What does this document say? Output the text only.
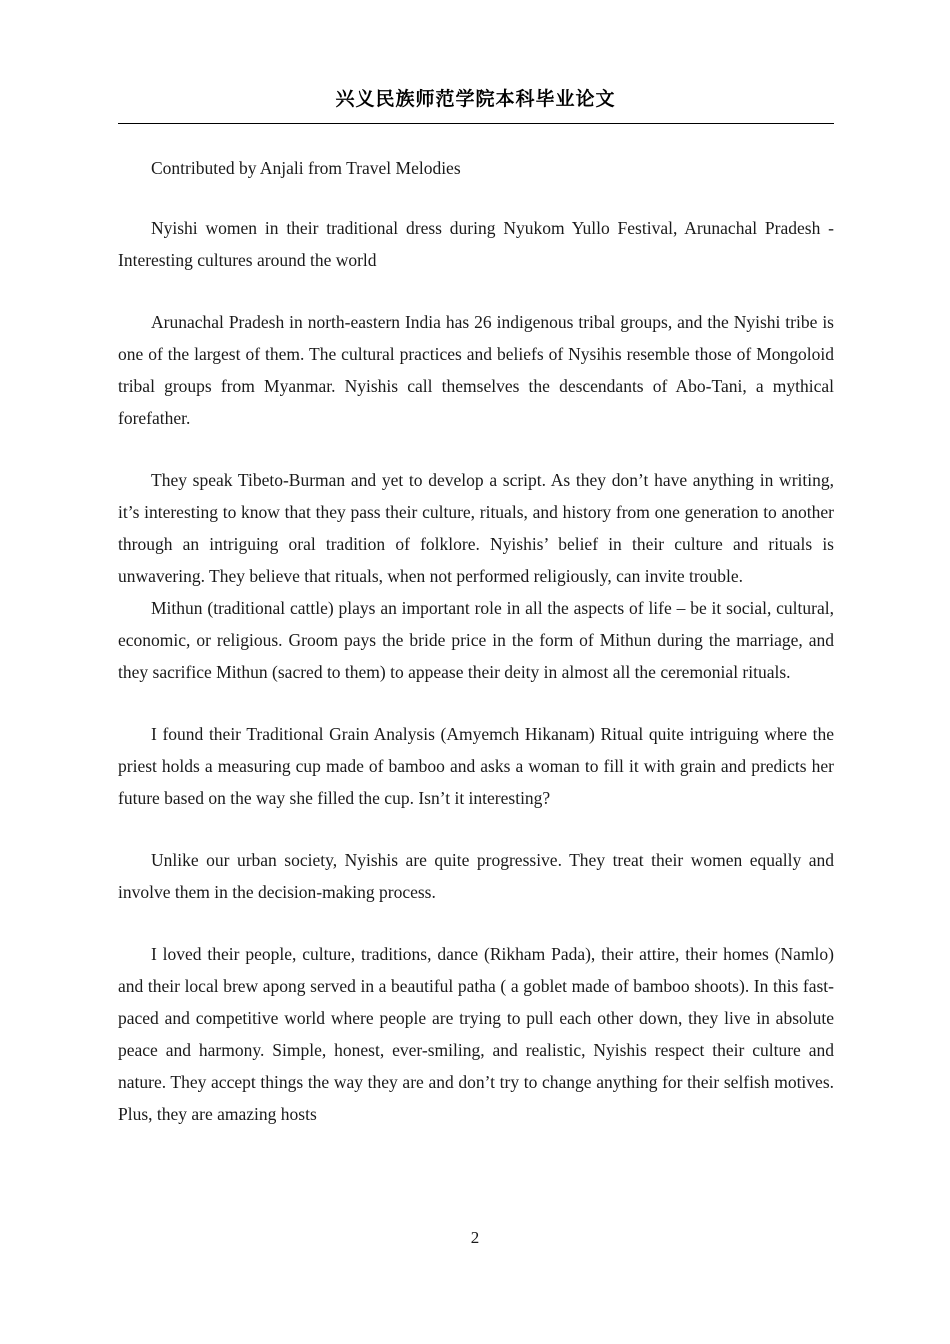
兴义民族师范学院本科毕业论文

Contributed by Anjali from Travel Melodies

Nyishi women in their traditional dress during Nyukom Yullo Festival, Arunachal Pradesh - Interesting cultures around the world

Arunachal Pradesh in north-eastern India has 26 indigenous tribal groups, and the Nyishi tribe is one of the largest of them. The cultural practices and beliefs of Nysihis resemble those of Mongoloid tribal groups from Myanmar. Nyishis call themselves the descendants of Abo-Tani, a mythical forefather.

They speak Tibeto-Burman and yet to develop a script. As they don’t have anything in writing, it’s interesting to know that they pass their culture, rituals, and history from one generation to another through an intriguing oral tradition of folklore. Nyishis’ belief in their culture and rituals is unwavering. They believe that rituals, when not performed religiously, can invite trouble.

Mithun (traditional cattle) plays an important role in all the aspects of life – be it social, cultural, economic, or religious. Groom pays the bride price in the form of Mithun during the marriage, and they sacrifice Mithun (sacred to them) to appease their deity in almost all the ceremonial rituals.

I found their Traditional Grain Analysis (Amyemch Hikanam) Ritual quite intriguing where the priest holds a measuring cup made of bamboo and asks a woman to fill it with grain and predicts her future based on the way she filled the cup. Isn’t it interesting?

Unlike our urban society, Nyishis are quite progressive. They treat their women equally and involve them in the decision-making process.

I loved their people, culture, traditions, dance (Rikham Pada), their attire, their homes (Namlo) and their local brew apong served in a beautiful patha ( a goblet made of bamboo shoots). In this fast-paced and competitive world where people are trying to pull each other down, they live in absolute peace and harmony. Simple, honest, ever-smiling, and realistic, Nyishis respect their culture and nature. They accept things the way they are and don’t try to change anything for their selfish motives. Plus, they are amazing hosts

2
